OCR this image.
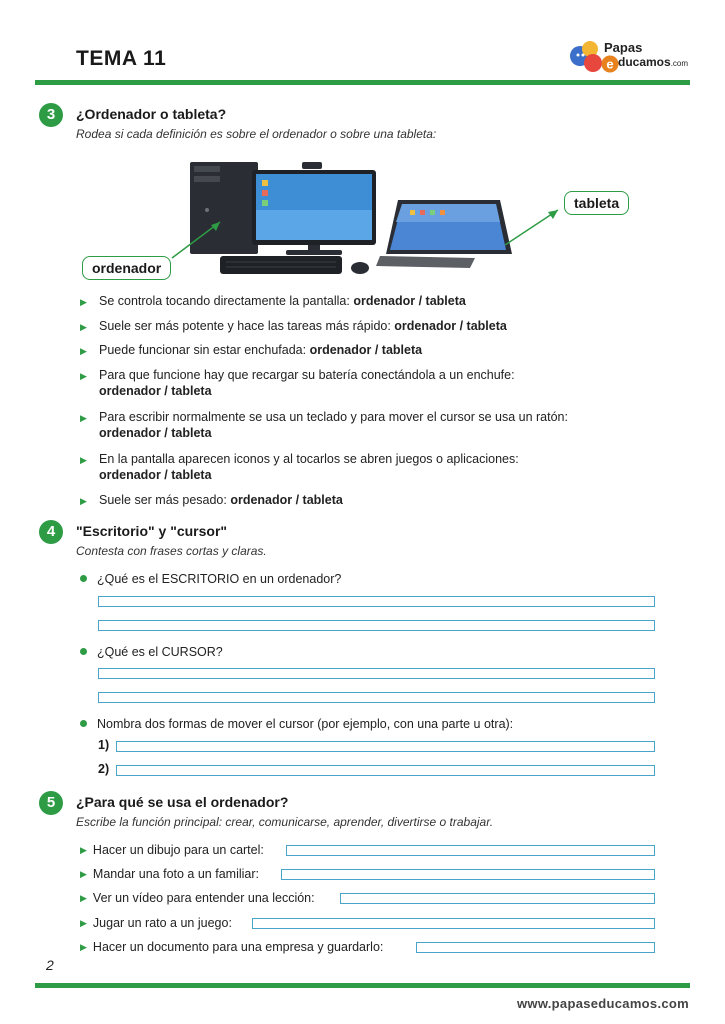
TEMA 11	Papas
e ducamos.com
3	¿Ordenador o tableta?
Rodea si cada definición es sobre el ordenador o sobre una tableta:
ordenador
tableta
▶ Se controla tocando directamente la pantalla: ordenador / tableta
▶ Suele ser más potente y hace las tareas más rápido: ordenador / tableta
▶ Puede funcionar sin estar enchufada: ordenador / tableta
▶ Para que funcione hay que recargar su batería conectándola a un enchufe:
ordenador / tableta
▶ Para escribir normalmente se usa un teclado y para mover el cursor se usa un ratón:
ordenador / tableta
▶ En la pantalla aparecen iconos y al tocarlos se abren juegos o aplicaciones:
ordenador / tableta
▶ Suele ser más pesado: ordenador / tableta
4	"Escritorio" y "cursor"
Contesta con frases cortas y claras.
¿Qué es el ESCRITORIO en un ordenador?
¿Qué es el CURSOR?
Nombra dos formas de mover el cursor (por ejemplo, con una parte u otra):
1)
2)
5	¿Para qué se usa el ordenador?
Escribe la función principal: crear, comunicarse, aprender, divertirse o trabajar.
▶ Hacer un dibujo para un cartel:
▶ Mandar una foto a un familiar:
▶ Ver un vídeo para entender una lección:
▶ Jugar un rato a un juego:
▶ Hacer un documento para una empresa y guardarlo:
2
www.papaseducamos.com
